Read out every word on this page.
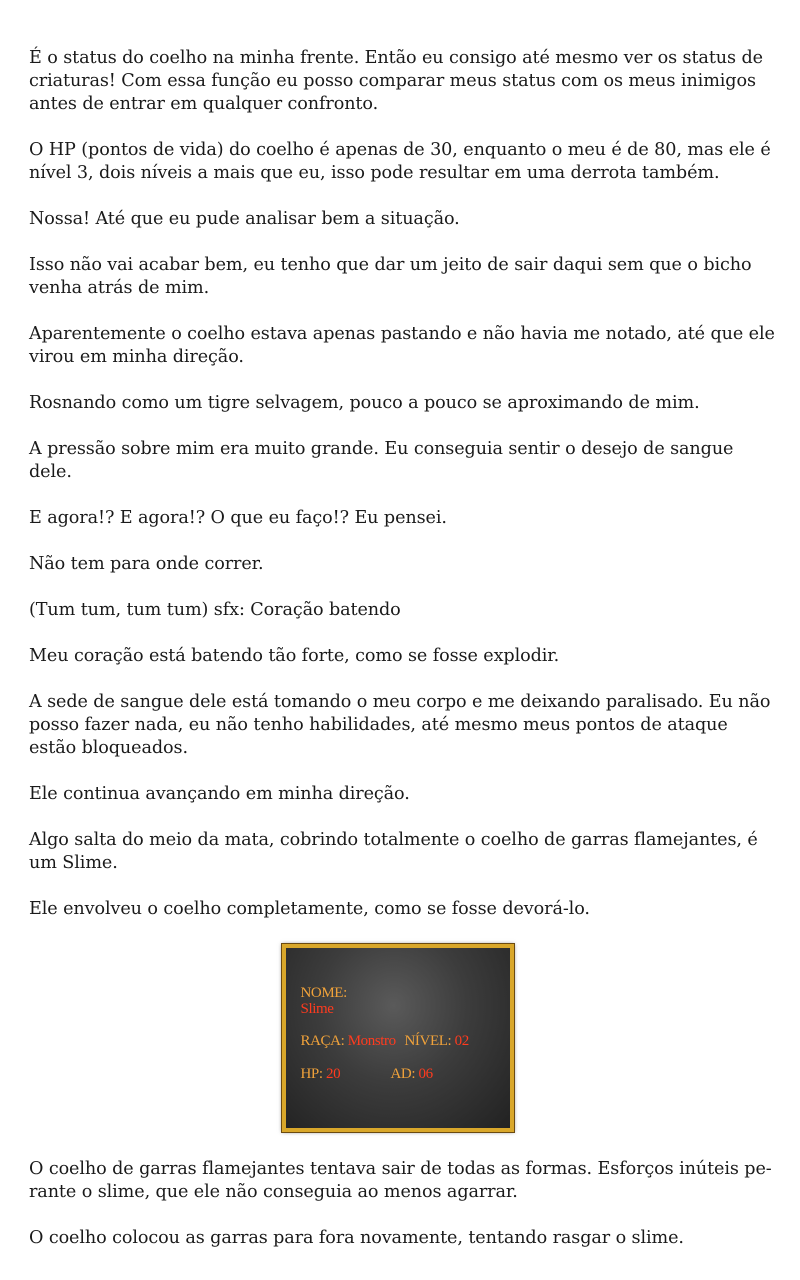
É o status do coelho na minha frente. Então eu consigo até mesmo ver os status de criaturas! Com essa função eu posso comparar meus status com os meus inimigos antes de entrar em qualquer confronto.

O HP (pontos de vida) do coelho é apenas de 30, enquanto o meu é de 80, mas ele é nível 3, dois níveis a mais que eu, isso pode resultar em uma derrota também.

Nossa! Até que eu pude analisar bem a situação.

Isso não vai acabar bem, eu tenho que dar um jeito de sair daqui sem que o bicho venha atrás de mim.

Aparentemente o coelho estava apenas pastando e não havia me notado, até que ele virou em minha direção.

Rosnando como um tigre selvagem, pouco a pouco se aproximando de mim.

A pressão sobre mim era muito grande. Eu conseguia sentir o desejo de sangue dele.

E agora!? E agora!? O que eu faço!? Eu pensei.

Não tem para onde correr.

(Tum tum, tum tum) sfx: Coração batendo

Meu coração está batendo tão forte, como se fosse explodir.

A sede de sangue dele está tomando o meu corpo e me deixando paralisado. Eu não posso fazer nada, eu não tenho habilidades, até mesmo meus pontos de ataque estão bloqueados.

Ele continua avançando em minha direção.

Algo salta do meio da mata, cobrindo totalmente o coelho de garras flamejantes, é um Slime.

Ele envolveu o coelho completamente, como se fosse devorá-lo.

NOME:
Slime
RAÇA: Monstro NÍVEL: 02
HP: 20	AD: 06

O coelho de garras flamejantes tentava sair de todas as formas. Esforços inúteis pe-rante o slime, que ele não conseguia ao menos agarrar.

O coelho colocou as garras para fora novamente, tentando rasgar o slime.
